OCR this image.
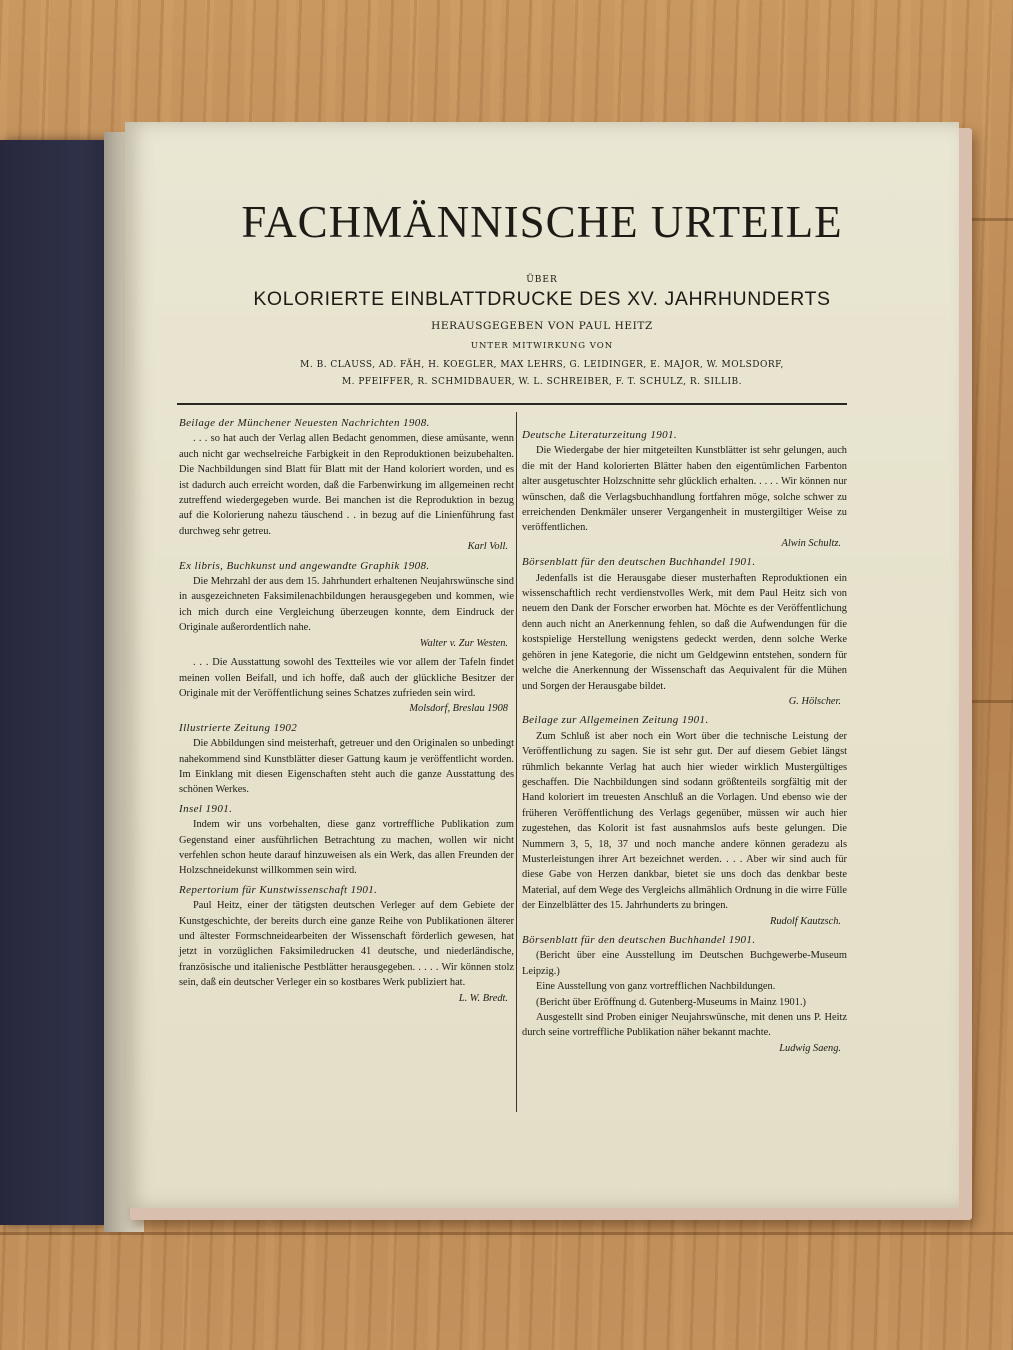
FACHMÄNNISCHE URTEILE
ÜBER
KOLORIERTE EINBLATTDRUCKE DES XV. JAHRHUNDERTS
HERAUSGEGEBEN VON PAUL HEITZ
UNTER MITWIRKUNG VON
M. B. CLAUSS, AD. FÄH, H. KOEGLER, MAX LEHRS, G. LEIDINGER, E. MAJOR, W. MOLSDORF,
M. PFEIFFER, R. SCHMIDBAUER, W. L. SCHREIBER, F. T. SCHULZ, R. SILLIB.
Beilage der Münchener Neuesten Nachrichten 1908.

. . . so hat auch der Verlag allen Bedacht genommen, diese amüsante, wenn auch nicht gar wechselreiche Farbigkeit in den Reproduktionen beizubehalten. Die Nachbildungen sind Blatt für Blatt mit der Hand koloriert worden, und es ist dadurch auch erreicht worden, daß die Farbenwirkung im allgemeinen recht zutreffend wiedergegeben wurde. Bei manchen ist die Reproduktion in bezug auf die Kolorierung nahezu täuschend . . in bezug auf die Linienführung fast durchweg sehr getreu.

Karl Voll.

Ex libris, Buchkunst und angewandte Graphik 1908.

Die Mehrzahl der aus dem 15. Jahrhundert erhaltenen Neujahrswünsche sind in ausgezeichneten Faksimilenachbildungen herausgegeben und kommen, wie ich mich durch eine Vergleichung überzeugen konnte, dem Eindruck der Originale außerordentlich nahe.

Walter v. Zur Westen.

. . . Die Ausstattung sowohl des Textteiles wie vor allem der Tafeln findet meinen vollen Beifall, und ich hoffe, daß auch der glückliche Besitzer der Originale mit der Veröffentlichung seines Schatzes zufrieden sein wird.

Molsdorf, Breslau 1908

Illustrierte Zeitung 1902

Die Abbildungen sind meisterhaft, getreuer und den Originalen so unbedingt nahekommend sind Kunstblätter dieser Gattung kaum je veröffentlicht worden. Im Einklang mit diesen Eigenschaften steht auch die ganze Ausstattung des schönen Werkes.

Insel 1901.

Indem wir uns vorbehalten, diese ganz vortreffliche Publikation zum Gegenstand einer ausführlichen Betrachtung zu machen, wollen wir nicht verfehlen schon heute darauf hinzuweisen als ein Werk, das allen Freunden der Holzschneidekunst willkommen sein wird.

Repertorium für Kunstwissenschaft 1901.

Paul Heitz, einer der tätigsten deutschen Verleger auf dem Gebiete der Kunstgeschichte, der bereits durch eine ganze Reihe von Publikationen älterer und ältester Formschneidearbeiten der Wissenschaft förderlich gewesen, hat jetzt in vorzüglichen Faksimiledrucken 41 deutsche, und niederländische, französische und italienische Pestblätter herausgegeben. . . . . Wir können stolz sein, daß ein deutscher Verleger ein so kostbares Werk publiziert hat.

L. W. Bredt.

Deutsche Literaturzeitung 1901.

Die Wiedergabe der hier mitgeteilten Kunstblätter ist sehr gelungen, auch die mit der Hand kolorierten Blätter haben den eigentümlichen Farbenton alter ausgetuschter Holzschnitte sehr glücklich erhalten. . . . . Wir können nur wünschen, daß die Verlagsbuchhandlung fortfahren möge, solche schwer zu erreichenden Denkmäler unserer Vergangenheit in mustergiltiger Weise zu veröffentlichen.

Alwin Schultz.

Börsenblatt für den deutschen Buchhandel 1901.

Jedenfalls ist die Herausgabe dieser musterhaften Reproduktionen ein wissenschaftlich recht verdienstvolles Werk, mit dem Paul Heitz sich von neuem den Dank der Forscher erworben hat. Möchte es der Veröffentlichung denn auch nicht an Anerkennung fehlen, so daß die Aufwendungen für die kostspielige Herstellung wenigstens gedeckt werden, denn solche Werke gehören in jene Kategorie, die nicht um Geldgewinn entstehen, sondern für welche die Anerkennung der Wissenschaft das Aequivalent für die Mühen und Sorgen der Herausgabe bildet.

G. Hölscher.

Beilage zur Allgemeinen Zeitung 1901.

Zum Schluß ist aber noch ein Wort über die technische Leistung der Veröffentlichung zu sagen. Sie ist sehr gut. Der auf diesem Gebiet längst rühmlich bekannte Verlag hat auch hier wieder wirklich Mustergültiges geschaffen. Die Nachbildungen sind sodann größtenteils sorgfältig mit der Hand koloriert im treuesten Anschluß an die Vorlagen. Und ebenso wie der früheren Veröffentlichung des Verlags gegenüber, müssen wir auch hier zugestehen, das Kolorit ist fast ausnahmslos aufs beste gelungen. Die Nummern 3, 5, 18, 37 und noch manche andere können geradezu als Musterleistungen ihrer Art bezeichnet werden. . . . Aber wir sind auch für diese Gabe von Herzen dankbar, bietet sie uns doch das denkbar beste Material, auf dem Wege des Vergleichs allmählich Ordnung in die wirre Fülle der Einzelblätter des 15. Jahrhunderts zu bringen.

Rudolf Kautzsch.

Börsenblatt für den deutschen Buchhandel 1901.

(Bericht über eine Ausstellung im Deutschen Buchgewerbe-Museum Leipzig.)

Eine Ausstellung von ganz vortrefflichen Nachbildungen.

(Bericht über Eröffnung d. Gutenberg-Museums in Mainz 1901.)

Ausgestellt sind Proben einiger Neujahrswünsche, mit denen uns P. Heitz durch seine vortreffliche Publikation näher bekannt machte.

Ludwig Saeng.
